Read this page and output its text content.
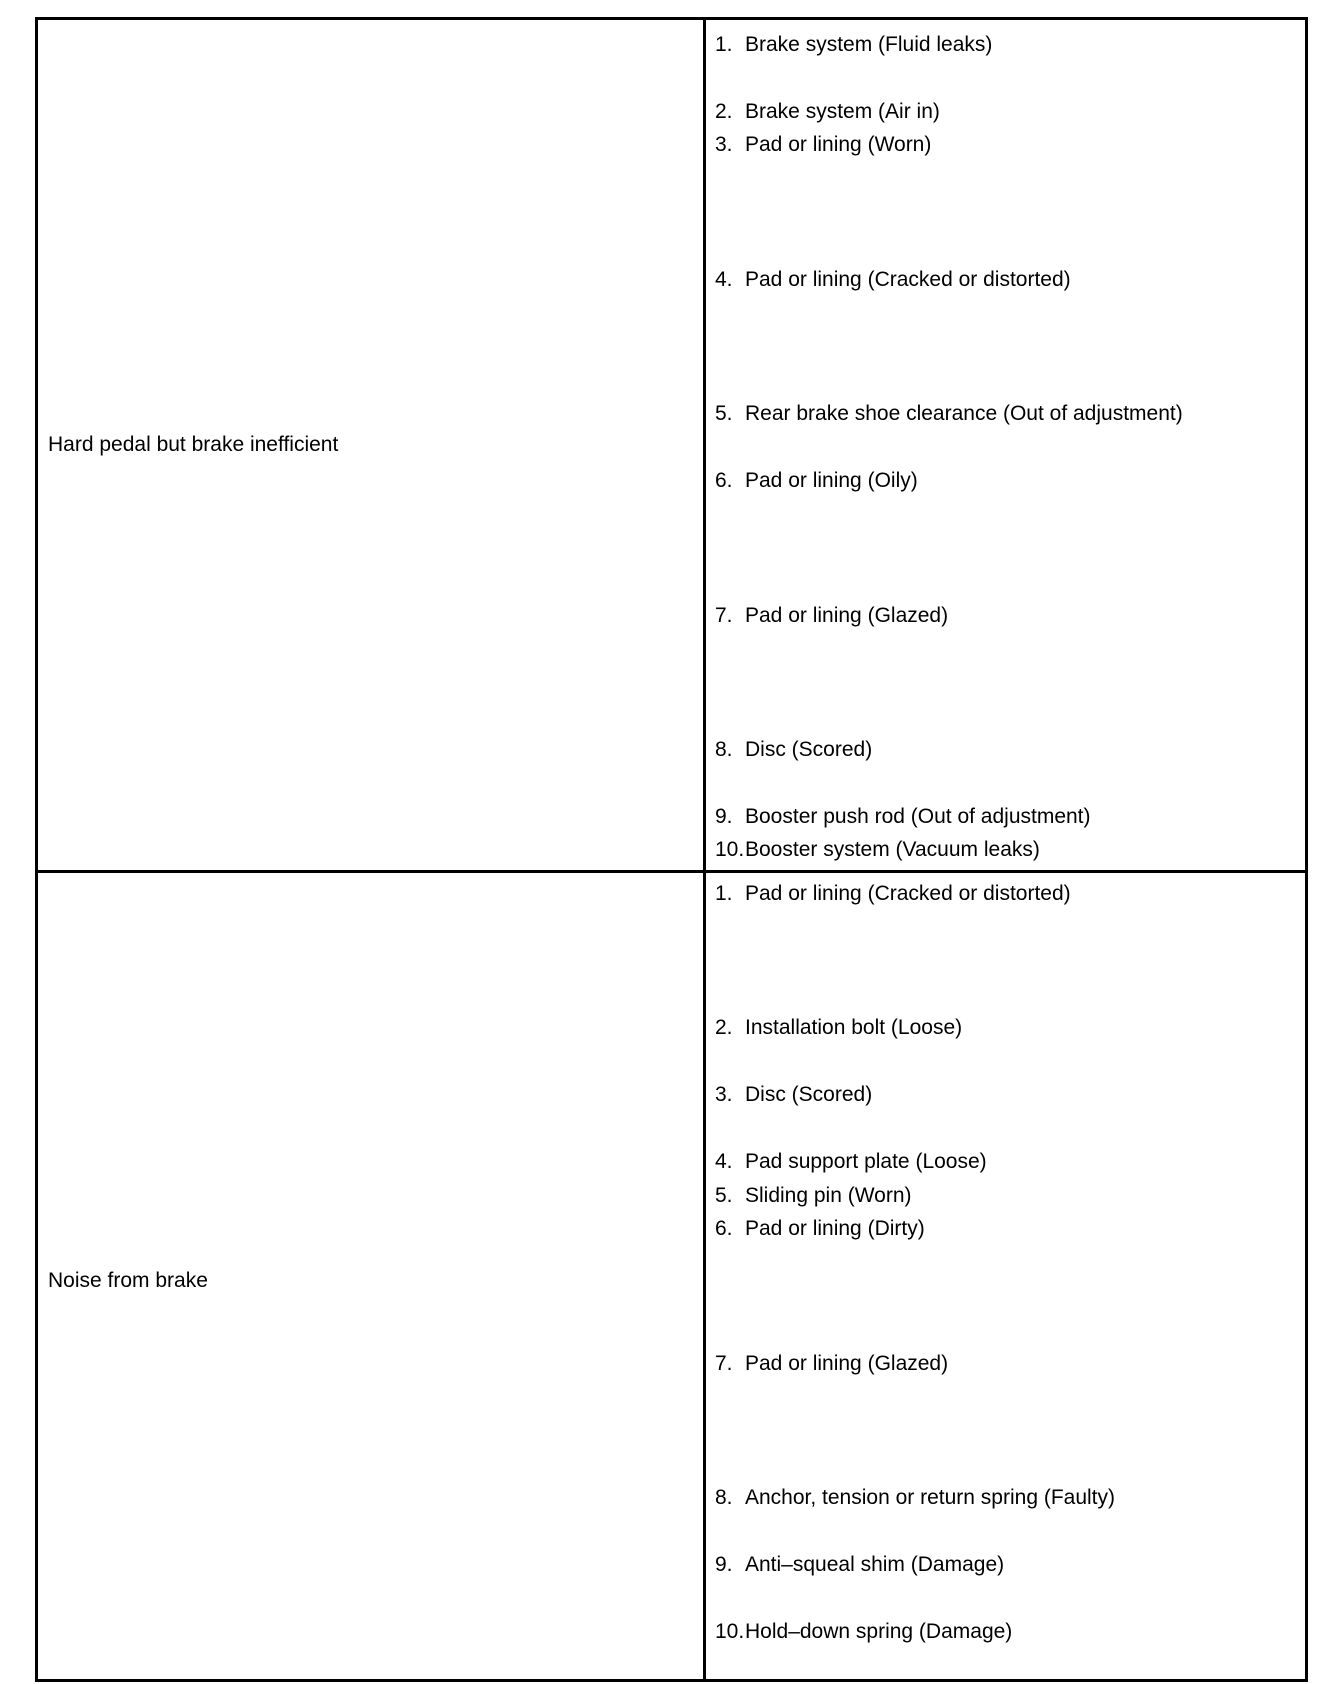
Hard pedal but brake inefficient
1. Brake system (Fluid leaks)
2. Brake system (Air in)
3. Pad or lining (Worn)
4. Pad or lining (Cracked or distorted)
5. Rear brake shoe clearance (Out of adjustment)
6. Pad or lining (Oily)
7. Pad or lining (Glazed)
8. Disc (Scored)
9. Booster push rod (Out of adjustment)
10.Booster system (Vacuum leaks)
Noise from brake
1. Pad or lining (Cracked or distorted)
2. Installation bolt (Loose)
3. Disc (Scored)
4. Pad support plate (Loose)
5. Sliding pin (Worn)
6. Pad or lining (Dirty)
7. Pad or lining (Glazed)
8. Anchor, tension or return spring (Faulty)
9. Anti–squeal shim (Damage)
10.Hold–down spring (Damage)
